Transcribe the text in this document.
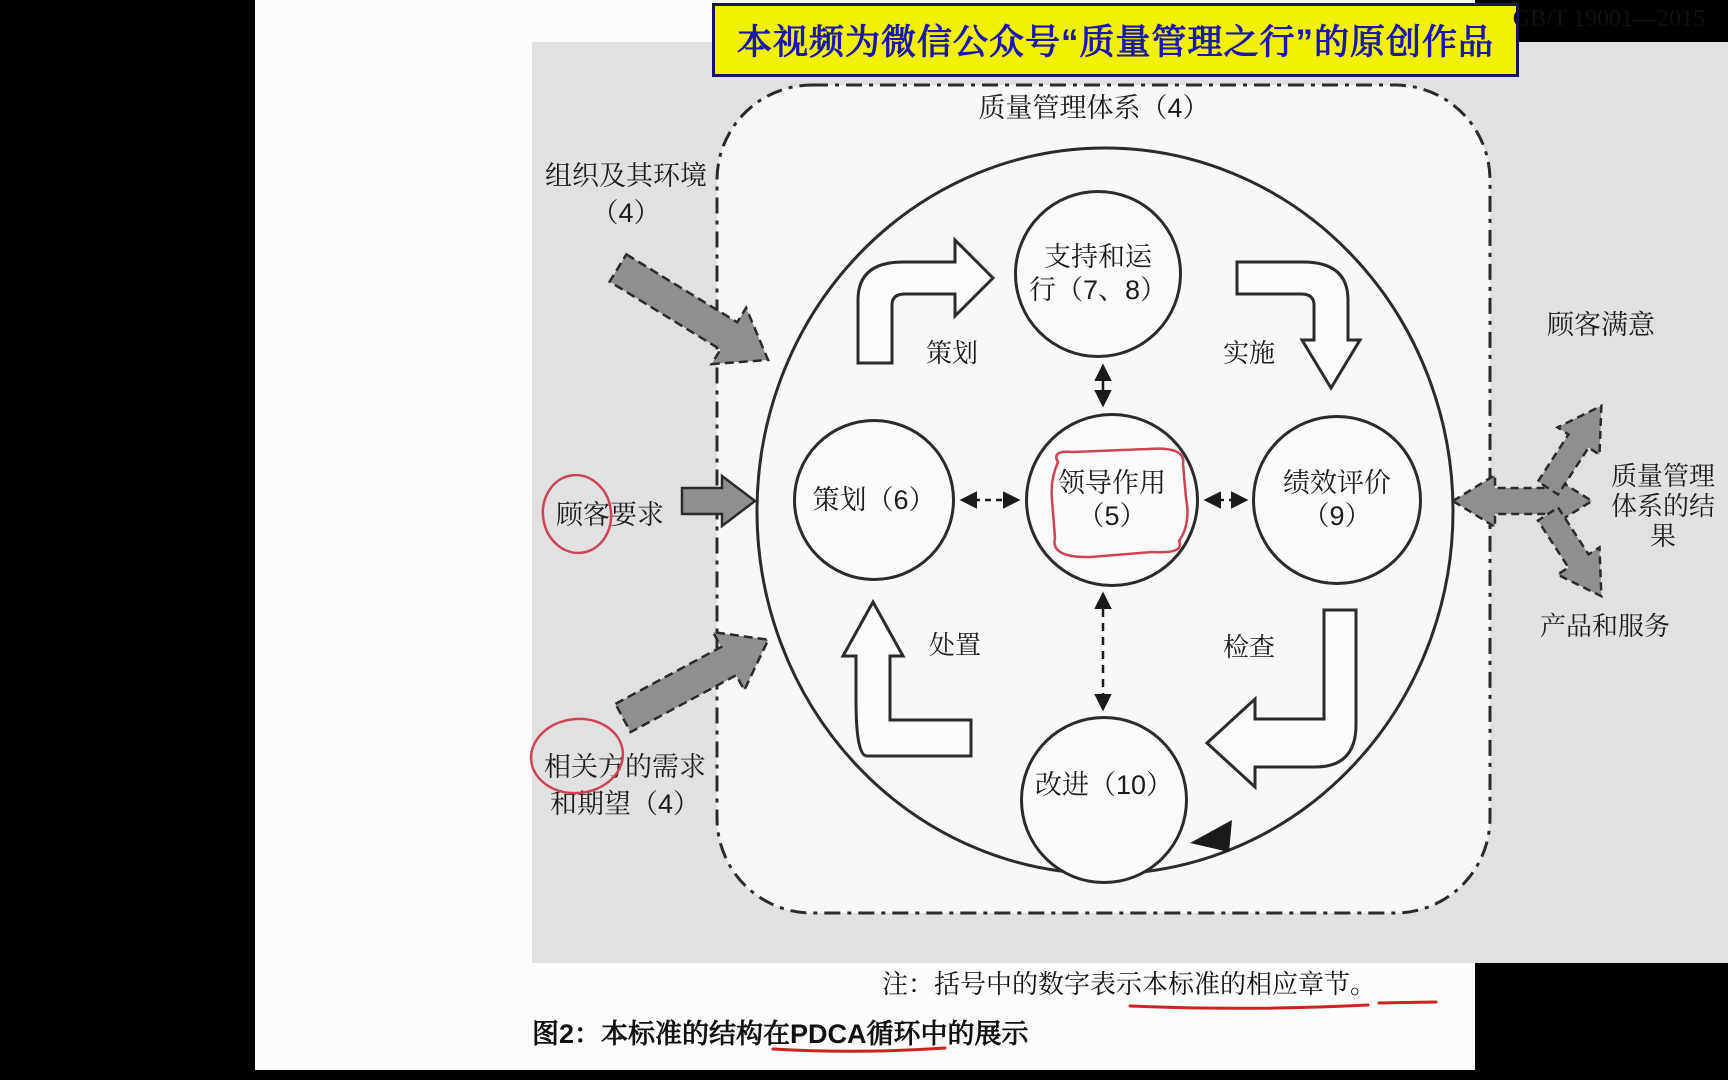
本视频为微信公众号“质量管理之行”的原创作品
GB/T 19001—2015
质量管理体系（4）
支持和运
行（7、8）
策划（6）
领导作用
（5）
绩效评价
（9）
改进（10）
策划	实施
检查
处置
组织及其环境
（4）
顾客要求
相关方的需求
和期望（4）
顾客满意
质量管理
体系的结
果
产品和服务
注：括号中的数字表示本标准的相应章节。
图2：本标准的结构在PDCA循环中的展示
